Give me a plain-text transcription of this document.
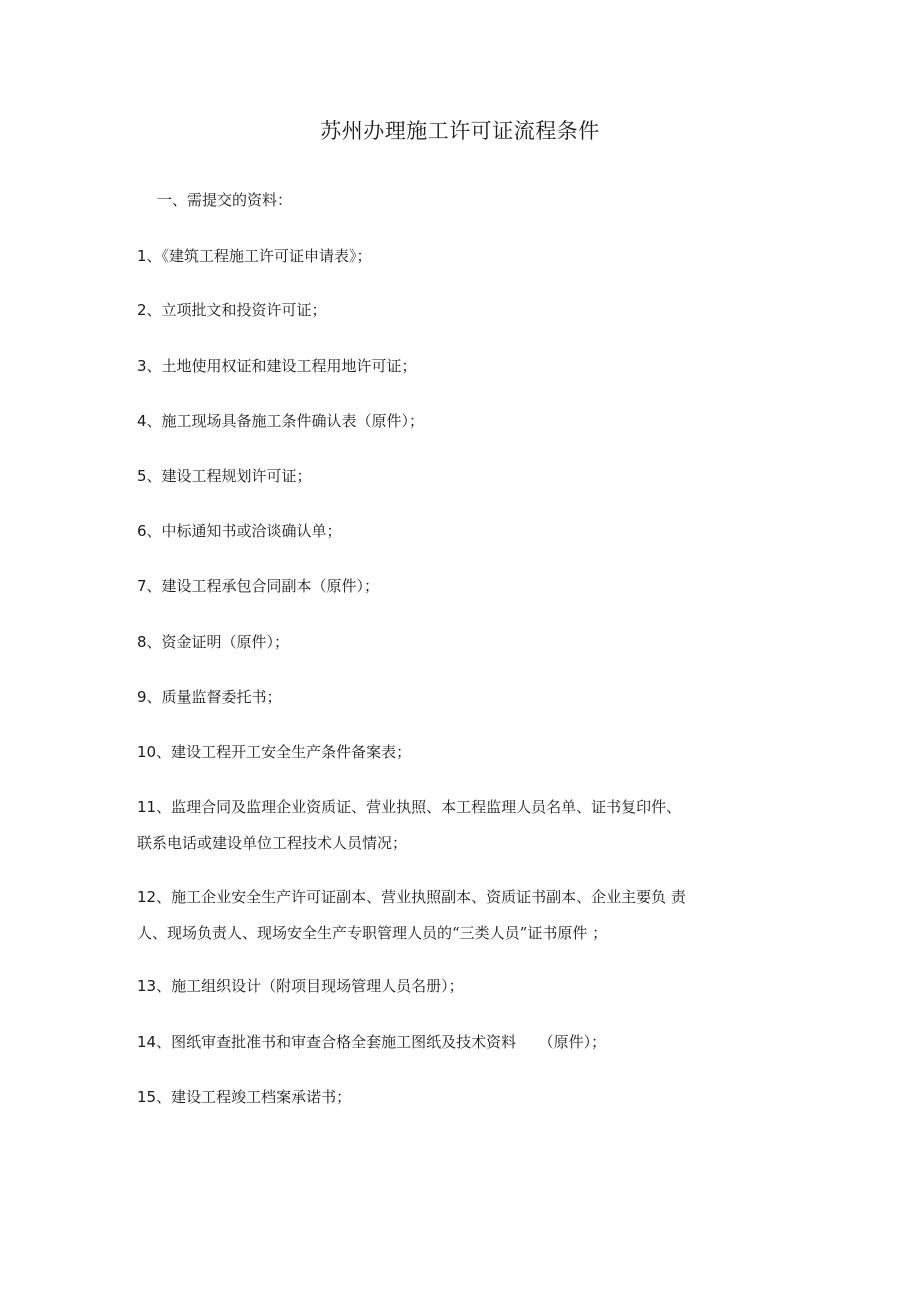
苏州办理施工许可证流程条件
一、需提交的资料：
1、《建筑工程施工许可证申请表》；
2、立项批文和投资许可证；
3、土地使用权证和建设工程用地许可证；
4、施工现场具备施工条件确认表（原件）；
5、建设工程规划许可证；
6、中标通知书或洽谈确认单；
7、建设工程承包合同副本（原件）；
8、资金证明（原件）；
9、质量监督委托书；
10、建设工程开工安全生产条件备案表；
11、监理合同及监理企业资质证、营业执照、本工程监理人员名单、证书复印件、
联系电话或建设单位工程技术人员情况；
12、施工企业安全生产许可证副本、营业执照副本、资质证书副本、企业主要负 责
人、现场负责人、现场安全生产专职管理人员的“三类人员”证书原件 ；
13、施工组织设计（附项目现场管理人员名册）；
14、图纸审查批准书和审查合格全套施工图纸及技术资料　　（原件）；
15、建设工程竣工档案承诺书；
